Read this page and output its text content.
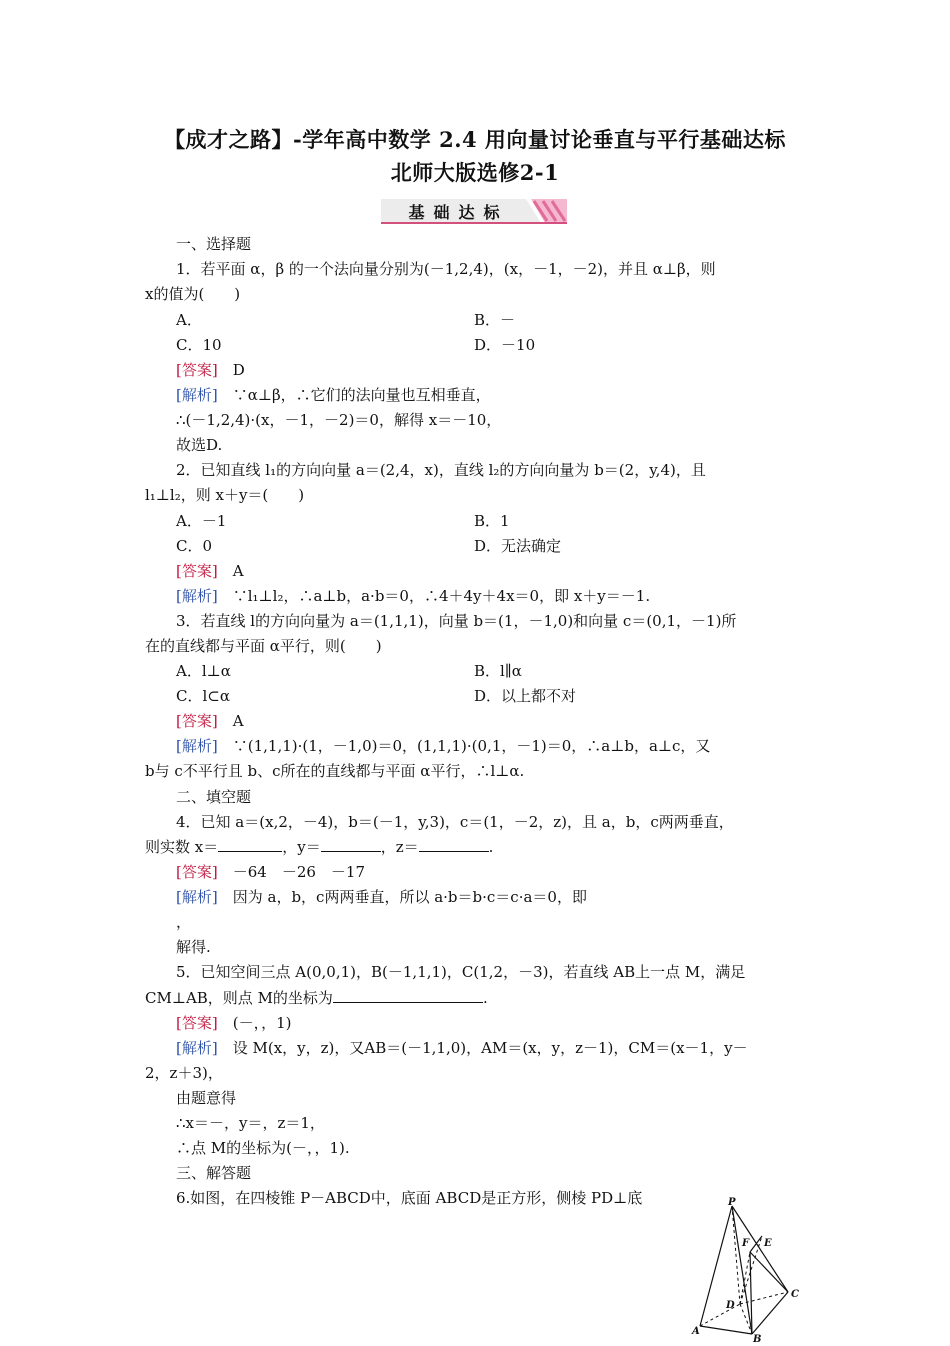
【成才之路】-学年高中数学 2.4 用向量讨论垂直与平行基础达标
北师大版选修2-1
基础达标
一、选择题
1．若平面 α，β 的一个法向量分别为(－1,2,4)，(x，－1，－2)，并且 α⊥β，则
x的值为(　　)
A．	B．－
C．10	D．－10
[答案]　 D
[解析]　 ∵α⊥β，∴它们的法向量也互相垂直，
∴(－1,2,4)·(x，－1，－2)＝0，解得 x＝－10，
故选D.
2．已知直线 l₁的方向向量 a＝(2,4，x)，直线 l₂的方向向量为 b＝(2，y,4)，且
l₁⊥l₂，则 x＋y＝(　　)
A．－1	B．1
C．0	D．无法确定
[答案]　 A
[解析]　 ∵l₁⊥l₂，∴a⊥b，a·b＝0，∴4＋4y＋4x＝0，即 x＋y＝－1.
3．若直线 l的方向向量为 a＝(1,1,1)，向量 b＝(1，－1,0)和向量 c＝(0,1，－1)所
在的直线都与平面 α平行，则(　　)
A．l⊥α	B．l∥α
C．l⊂α	D．以上都不对
[答案]　 A
[解析]　 ∵(1,1,1)·(1，－1,0)＝0，(1,1,1)·(0,1，－1)＝0，∴a⊥b，a⊥c，又
b与 c不平行且 b、c所在的直线都与平面 α平行，∴l⊥α.
二、填空题
4．已知 a＝(x,2，－4)，b＝(－1，y,3)，c＝(1，－2，z)，且 a，b，c两两垂直，
则实数 x＝	，y＝	，z＝	.
[答案]　 －64　－26　－17
[解析]　 因为 a，b，c两两垂直，所以 a·b＝b·c＝c·a＝0，即
，
解得.
5．已知空间三点 A(0,0,1)，B(－1,1,1)，C(1,2，－3)，若直线 AB上一点 M，满足
CM⊥AB，则点 M的坐标为	.
[答案]　 (－，，1)
[解析]　 设 M(x，y，z)，又AB＝(－1,1,0)，AM＝(x，y，z－1)，CM＝(x－1，y－
2，z＋3)，
由题意得
∴x＝－，y＝，z＝1，
∴点 M的坐标为(－，，1).
三、解答题
6.如图，在四棱锥 P－ABCD中，底面 ABCD是正方形，侧棱 PD⊥底	P
F E
D
C
A
B
